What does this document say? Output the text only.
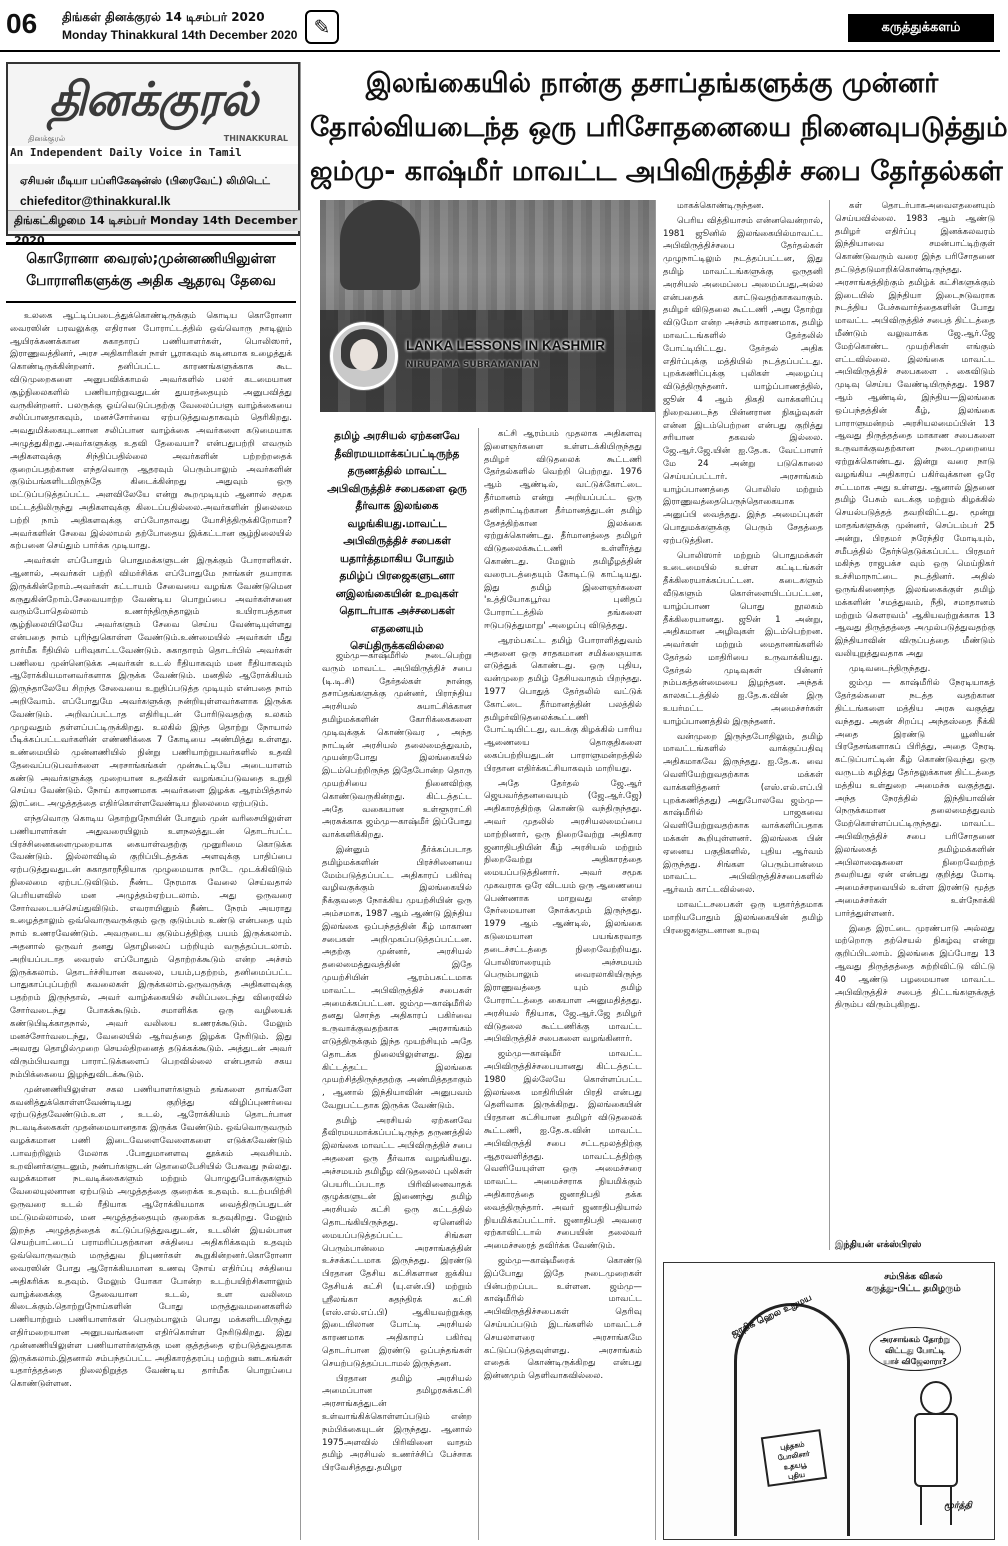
06 திங்கள் தினக்குரல் 14 டிசம்பர் 2020
Monday Thinakkural 14th December 2020 ✎	கருத்துக்களம்
தினக்குரல்
தினக்குரல்	THINAKKURAL
An Independent Daily Voice in Tamil
ஏசியன் மீடியா பப்ளிகேஷன்ஸ் (பிரைவேட்) லிமிடெட்
chiefeditor@thinakkural.lk
திங்கட்கிழமை 14 டிசம்பர் Monday 14th December 2020
கொரோனா வைரஸ்;முன்னணியிலுள்ள
போராளிகளுக்கு அதிக ஆதரவு தேவை

உலகை ஆட்டிப்படைத்துக்கொண்டிருக்கும் கொடிய கொரோனா வைரஸின் பரவலுக்கு எதிரான போராட்டத்தில் ஒவ்வொரு நாடிலும் ஆயிரக்கணக்கான சுகாதாரப் பணியாளர்கள், பொலிஸார், இராணுவத்தினர், அரச அதிகாரிகள் நாள் பூராகவும் கடினமாக உழைத்துக் கொண்டிருக்கின்றனர். தனிப்பட்ட காரணங்களுக்காக கூட விடுமுறைகளை அனுபவிக்காமல் அவர்களில் பலர் கடமையான சூழ்நிலைகளில் பணியாற்றுவதுடன் துயரத்தையும் அனுபவித்து வருகின்றனர். பலருக்கு ஓய்வெடுப்பதற்கு வேலைப்பளு வாழ்க்கையை சலிப்பானதாகவும், மனச்சோர்வை ஏற்படுத்துவதாகவும் தெரிகிறது. அவதுமிக்கையுடனான சலிப்பான வாழ்க்கை அவர்களை கடுமையாக அழுத்துகிறது.அவர்களுக்கு உதவி தேவையா? என்பதுபற்றி எவரும் அதிகளவுக்கு சிந்திப்பதில்லை அவர்களின் பற்றற்றதைக் குறைப்பதற்கான எந்தவொரு ஆதரவும் பெரும்பாலும் அவர்களின் குடும்பங்களிடமிருந்தே கிடைக்கின்றது அதுவும் ஒரு மட்டுப்படுத்தப்பட்ட அளவிலேயே என்று கூறமுடியும் ஆனால் சமூக மட்டத்திலிருந்து அதிகளவுக்கு கிடைப்பதில்லை.அவர்களின் நிலைமை பற்றி நாம் அதிகளவுக்கு எப்போதாவது யோசித்திருக்கிறோமா? அவர்களின் சேவை இல்லாமல் தற்போதைய இக்கட்டான சூழ்நிலையில் கற்பனை செய்தும் பார்க்க முடியாது.

அவர்கள் எப்போதும் பொதுமக்களுடன் இருக்கும் போராளிகள். ஆனால், அவர்கள் பற்றி விமர்சிக்க எப்போதுமே நாங்கள் தயாராக இருக்கின்றோம்.அவர்கள் கட்டாயம் சேவையை வழங்க வேண்டுமென கருதுகின்றோம்.சேவையாற்ற வேண்டிய பொறுப்பை அவர்கள்சனை வரும்போதெல்லாம் உணர்ந்திருந்தாலும் உயிராபத்தான சூழ்நிலையிலேயே அவர்களும் சேவை செய்ய வேண்டியுள்ளது என்பதை நாம் புரிந்துகொள்ள வேண்டும்.உண்மையில் அவர்கள் மீது தார்மீக ரீதியில் பரிவுகாட்டவேண்டும். சுகாதாரம் தொடர்பில் அவர்கள் பணியை முன்னெடுக்க அவர்கள் உடல் ரீதியாகவும் மன ரீதியாகவும் ஆரோக்கியமானவர்களாக இருக்க வேண்டும். மனதில் ஆரோக்கியம் இருந்தாலேயே சிறந்த சேவையை உறுதிப்படுத்த முடியும் என்பதை நாம் அறிவோம். எப்போதுமே அவர்களுக்கு நன்றியுள்ளவர்களாக இருக்க வேண்டும். அறிவப்பட்டாத எதிரியுடன் போரிடுவதற்கு உலகம் முழுவதும் தள்ளப்பட்டிருக்கிறது. உலகில் இந்த தொற்று நோயால் பீடிக்கப்பட்டவர்களின் எண்ணிக்கை 7 கோடியை அண்மித்து உள்ளது. உண்மையில் முன்னணியில் நின்று பணியாற்றுபவர்களில் உதவி தேவைப்படுபவர்களை அரசாங்கங்கள் முன்கூட்டியே அடையாளம் கண்டு அவர்களுக்கு முறையான உதவிகள் வழங்கப்படுவதை உறுதி செய்ய வேண்டும். நோய் காரணமாக அவர்களை இழக்க ஆரம்பித்தால் இரட்டை அழுத்தத்தை எதிர்கொள்ளவேண்டிய நிலைமை ஏற்படும்.

எந்தவொரு கொடிய தொற்றுநோயின் போதும் முன் வரிசையிலுள்ள பணியாளர்கள் அதுவரையிலும் உளநலத்துடன் தொடர்பட்ட பிரச்சினைகளைமுறையாக கையாள்வதற்கு முனுரிமை கொடுக்க வேண்டும். இல்லாவிடில் குறிப்பிடத்தக்க அளவுக்கு பாதிப்பை ஏற்படுத்துவதுடன் சுகாதாரநீதியாக முழுமையாக நாடே முடக்கிவிடும் நிலைமை ஏற்பட்டுவிடும். நீண்ட நேரமாக வேலை செய்வதால் பெரியளவில் மன அழுத்தம்ஏற்படலாம். அது ஒருவரை சோர்வடையச்செய்துவிடும். எவராயினும் நீண்ட நேரம் அயராது உழைத்தாலும் ஒவ்வொருவருக்கும் ஒரு குடும்பம் உண்டு என்பதை யும் நாம் உணரவேண்டும். அவருடைய குடும்பத்திற்கு பயம் இருக்கலாம். அதனால் ஒருவர் தனது தொழிலைப் பற்றியும் வருத்தப்படலாம். அறியப்படாத வைரஸ் எப்போதும் தொற்றக்கூடும் என்ற அச்சம் இருக்கலாம். தொடர்ச்சியான கவலை, பயம்,பதற்றம், தனிமைப்பட்ட பாதுகாப்புப்பற்றி கவலைகள் இருக்கலாம்.ஒருவருக்கு அதிகளவுக்கு பதற்றம் இருந்தால், அவர் வாழ்க்கையில் சலிப்படைந்து விரைவில் சோர்வடைந்து போகக்கூடும். சமாளிக்க ஒரு வழியைக் கண்டுபிடிக்காதநால், அவர் வலியை உணரக்கூடும். மேலும் மனச்சோர்வடைந்து, வேலையில் ஆர்வத்தை இழக்க நேரிடும். இது அவரது தொழில்முறை செயல்திறனைத் தடுக்கக்கூடும். அத்துடன் அவர் விரும்பியவாறு பாராட்டுக்களைப் பெறவில்லை என்பதால் சகய நம்பிக்கையை இழந்துவிடக்கூடும்.

முன்னணியிலுள்ள சகல பணியாளர்களும் தங்களை தாங்களே கவனித்துக்கொள்ளவேண்டியது குறித்து விழிப்புணர்வை ஏற்படுத்தவேண்டும்.உள , உடல், ஆரோக்கியம் தொடர்பான நடவடிக்கைகள் முதன்மையானதாக இருக்க வேண்டும். ஒவ்வொருவரும் வழக்கமான பணி இடைவேளைவேளைகளை எடுக்கவேண்டும் .பாவற்றிலும் மேலாக .போதுமானளவு தூக்கம் அவசியம். உறவினர்களுடனும், நண்பர்களுடன் தொலைபேசியில் பேசுவது நல்லது. வழக்கமான நடவடிக்கைகளும் மற்றும் பொழுதுபோக்குகளும் வேலையுலனான ஏற்படும் அழுத்தத்தை குறைக்க உதவும். உடற்பயிற்சி ஒருவரை உடல் ரீதியாக ஆரோக்கியமாக வைத்திருப்பதுடன் மட்டுமல்லாமல், மன அழுத்தத்தையும் குறைக்க உதவுகிறது. மேலும் இறந்த அழுத்தத்தைக் கட்டுப்படுத்துவதுடன், உடலின் இயல்பான செயற்பாட்டைப் பராமரிப்பதற்கான சக்தியை அதிகரிக்கவும் உதவும் ஒவ்வொருவரும் மருத்துவ நிபுணர்கள் கூறுகின்றனர்.கொரோனா வைரஸின் போது ஆரோக்கியமான உணவு நோய் எதிர்ப்பு சக்தியை அதிகரிக்க உதவும். மேலும் யோகா போன்ற உடற்பயிற்சிகளாலும் வாழ்க்கைக்கு தேவையான உடல், உள வலிமை கிடைக்கும்.தொற்றுநோய்களின் போது மருத்துவமனைகளில் பணியாற்றும் பணியாளர்கள் பெரும்பாலும் பொது மக்களிடமிருந்து எதிர்மறையான அனுபவங்களை எதிர்கொள்ள நேரிடுகிறது. இது முன்னணியிலுள்ள பணியாளர்களுக்கு மன குத்தத்தை ஏற்படுத்துவதாக இருக்கலாம்.இதனால் சம்பந்தப்பட்ட அதிகாரத்தரப்பு மற்றும் ஊடகங்கள் யதார்த்தத்தை நிலைநிறுத்த வேண்டிய தார்மீக பொறுப்பை கொண்டுள்ளன.

இலங்கையில் நான்கு தசாப்தங்களுக்கு முன்னர்
தோல்வியடைந்த ஒரு பரிசோதனையை நினைவுபடுத்தும்
ஜம்மு- காஷ்மீர் மாவட்ட அபிவிருத்திச் சபை தேர்தல்கள்
LANKA LESSONS IN KASHMIR
NIRUPAMA SUBRAMANIAN
தமிழ் அரசியல் ஏற்கனவே தீவிரமயமாக்கப்பட்டிருந்த தருணத்தில் மாவட்ட அபிவிருத்திச் சபைகளை ஒரு தீர்வாக இலங்கை வழங்கியது.மாவட்ட அபிவிருத்திச் சபைகள் யதார்த்தமாகிய போதும் தமிழ்ப் பிரஜைகளுடனா னஇலங்கையின் உறவுகள் தொடர்பாக அச்சபைகள் எதனையும் செய்திருக்கவில்லை

ஜம்மு—காஷ்மீரில் நடைபெற்று வரும் மாவட்ட அபிவிருத்திச் சபை (டி.டி.சி) தேர்தல்கள் நான்கு தசாப்தங்களுக்கு முன்னர், பிராந்திய அரசியல் சுயாட்சிக்கான தமிழ்மக்களின் கோரிக்கைகளை முடிவுக்குக் கொண்டுவர , அந்த நாட்டின் அரசியல் தலைமைத்துவம், முயன்றபோது இலங்கையில் இடம்பெற்றிருந்த இதேபோன்ற தொரு முயற்சியை நினைவிற்கு கொண்டுவருகின்றது. கிட்டத்தட்ட அதே வகையான உள்ளூராட்சி அரசுக்காக ஜம்மு—காஷ்மீர் இப்போது வாக்களிக்கிறது.

இன்னும் தீர்க்கப்படாத தமிழ்மக்களின் பிரச்சினையை மேம்படுத்தப்பட்ட அதிகாரப் பகிர்வு வழிவகுக்கும் இலங்கையில் நீக்குவதை நோக்கிய முயற்சியின் ஒரு அம்சமாக, 1987 ஆம் ஆண்டு இந்திய இலங்கை ஒப்பந்தத்தின் கீழ் மாகாண சபைகள் அறிமுகப்படுத்தப்பட்டன. அதற்கு முன்னர், அரசியல் தலைமைத்துவத்தின் இதே முயற்சியின் ஆரம்பகட்டமாக மாவட்ட அபிவிருத்திச் சபைகள் அமைக்கப்பட்டன. ஜம்மு—காஷ்மீரில் தனது சொந்த அதிகாரப் பகிர்வை உருவாக்குவதற்காக அரசாங்கம் எடுத்திருக்கும் இந்த முயற்சியும் அதே தொடக்க நிலையிலுள்ளது. இது கிட்டத்தட்ட இலங்கை முயற்சித்திருந்ததற்கு அண்மித்ததாகும் , ஆனால் இந்தியாவின் அனுபவம் வேறுபட்டதாக இருக்க வேண்டும்.

தமிழ் அரசியல் ஏற்கனவே தீவிரமயமாக்கப்பட்டிருந்த தருணத்தில் இலங்கை மாவட்ட அபிவிருத்திச் சபை அதனை ஒரு தீர்வாக வழங்கியது. அச்சமயம் தமிழீழ விடுதலைப் புலிகள் பெயரிடப்படாத பிரிவினைவாதக் குழுக்களுடன் இணைந்து தமிழ் அரசியல் கட்சி ஒரு கட்டத்தில் தொடங்கியிருந்தது. ஏனெனில் மையப்படுத்தப்பட்ட சிங்கள பெரும்பான்மை அரசாங்கத்தின் உச்சக்கட்டமாக இருந்தது. இரண்டு பிரதான தேசிய கட்சிகளான ஐக்கிய தேசியக் கட்சி (யு.என்.பி) மற்றும் ஸ்ரீலங்கா சுதந்திரக் கட்சி (எஸ்.எல்.எப்.பி) ஆகியவற்றுக்கு இடையிலான போட்டி அரசியல் காரணமாக அதிகாரப் பகிர்வு தொடர்பான இரண்டு ஒப்பந்தங்கள் செயற்படுத்தப்படாமல் இருந்தன.

பிரதான தமிழ் அரசியல் அமைப்பான தமிழரசுக்கட்சி அரசாங்கத்துடன் உள்வாங்கிக்கொள்ளப்படும் என்ற நம்பிக்கையுடன் இருந்தது. ஆனால் 1975அளவில் பிரிவினை வாதம் தமிழ் அரசியல் உணர்ச்சிப் பேச்சாக பிரவேசித்தது.தமிழர

கட்சி ஆரம்பம் முதலாக அதிகளவு இளைஞர்களை உள்ளடக்கியிருந்தது தமிழர் விடுதலைக் கூட்டணி தேர்தல்களில் வெற்றி பெற்றது. 1976 ஆம் ஆண்டில், வட்டுக்கோட்டை தீர்மானம் என்று அறியப்பட்ட ஒரு தனிநாட்டிற்கான தீர்மானத்துடன் தமிழ் தேசத்திற்கான இலக்கை ஏற்றுக்கொண்டது. தீர்மானத்தை தமிழர் விடுதலைக்கூட்டணி உள்ளீர்த்து கொண்டது. மேலும் தமிழீழத்தின் வரைபடத்தையும் கோடிட்டு காட்டியது. இது தமிழ் இளைஞர்களை 'உத்தியோகபூர்வ புனிதப் போராட்டத்தில் தங்களை ஈடுபடுத்துமாறு' அழைப்பு விடுத்தது.

ஆரம்பகட்ட தமிழ் போராளித்துவம் அதனை ஒரு சாதகமான சமிக்ஞையாக எடுத்துக் கொண்டது. ஒரு புதிய, வன்முறை தமிழ் தேசியவாதம் பிறந்தது. 1977 பொதுத் தேர்தலில் வட்டுக் கோட்டை தீர்மானத்தின் பலத்தில் தமிழர்விடுதலைக்கூட்டணி போட்டியிட்டது, வடக்கு கிழக்கில் பாரிய ஆணையை தொகுதிகளை கைப்பற்றியதுடன் பாராளுமன்றத்தில் பிரதான எதிர்க்கட்சியாகவும் மாறியது.

அதே தேர்தல் ஜே.ஆர் ஜெயவர்த்தனவையும் (ஜே.ஆர்.ஜே) அதிகாரத்திற்கு கொண்டு வந்திருந்தது. அவர் முதலில் அரசியலமைப்பை மாற்றினார், ஒரு நிறைவேற்று அதிகார ஜனாதிபதியின் கீழ் அரசியல் மற்றும் நிறைவேற்று அதிகாரத்தை மையப்படுத்தினார். அவர் சமூக முகவராக ஒரே விடயம் ஒரு ஆணையை பெண்ணாக மாறுவது என்ற நேர்மையான நோக்கமும் இருந்தது. 1979 ஆம் ஆண்டில், இலங்கை கடுமையான பயங்கரவாத தடைச்சட்டத்தை நிறைவேற்றியது. பொலிஸாரையும் அச்சமயம் பெரும்பாலும் வைரலாகியிருந்த இராணுவத்தை யும் தமிழ் போராட்டத்தை கையாள அனுமதித்தது. அரசியல் ரீதியாக, ஜே.ஆர்.ஜே தமிழர் விடுதலை கூட்டணிக்கு மாவட்ட அபிவிருத்திச் சபைகளை வழங்கினார்.

ஜம்மு—காஷ்மீர் மாவட்ட அபிவிருத்திச்சபையானது கிட்டத்தட்ட 1980 இல்லேயே கொள்ளப்பட்ட இலங்கை மாதிரியின் பிரதி என்பது தெளிவாக இருக்கிறது. இலங்கையின் பிரதான கட்சியான தமிழர் விடுதலைக் கூட்டணி, ஐ.தே.க.வின் மாவட்ட அபிவிருத்தி சபை சட்டமூலத்திற்கு ஆதரவளித்தது. மாவட்டத்திற்கு வெளியேயுள்ள ஒரு அமைச்சரை மாவட்ட அமைச்சராக நியமிக்கும் அதிகாரத்தை ஜனாதிபதி தக்க வைத்திருந்தார். அவர் ஜனாதிபதியால் நியமிக்கப்பட்டார். ஜனாதிபதி அவரை ஏற்காவிட்டால் சபையின் தலைவர் அமைச்சரைத் தவிர்க்க வேண்டும்.

ஜம்மு—காஷ்மீரைக் கொண்டு இப்போது இதே நடைமுறைகள் பின்பற்றப்பட உள்ளன. ஜம்மு—காஷ்மீரில் மாவட்ட அபிவிருத்திச்சபைகள் தெரிவு செய்யப்படும் இடங்களில் மாவட்டச் செயலாளரை அரசாங்கமே கட்டுப்படுத்தவுள்ளது. அரசாங்கம் எதைக் கொண்டிருக்கிறது என்பது இன்னமும் தெளிவாகவில்லை.

மாகக்கொண்டிருந்தன.

பெரிய வித்தியாசம் என்னவென்றால், 1981 ஜூனில் இலங்கையில்மாவட்ட அபிவிருத்திச்சபை தேர்தல்கள் முழுநாட்டிலும் நடத்தப்பட்டன, இது தமிழ் மாவட்டங்களுக்கு ஒருதனி அரசியல் அமைப்பை அமைப்பது,அல்ல என்பதைக் காட்டுவதற்காகவாகும். தமிழர் விடுதலை கூட்டணி ,அது தோற்று விடுமோ என்ற அச்சம் காரணமாக, தமிழ் மாவட்டங்களில் தேர்தலில் போட்டியிட்டது. தேர்தல் அதிக எதிர்ப்புக்கு மத்தியில் நடத்தப்பட்டது. புறக்கணிப்புக்கு புலிகள் அழைப்பு விடுத்திருந்தனர். யாழ்ப்பாணத்தில், ஜூன் 4 ஆம் திகதி வாக்களிப்பு நிறைவடைந்த பின்னரான நிகழ்வுகள் என்ன இடம்பெற்றன என்பது குறித்து சரியான தகவல் இல்லை. ஜே.ஆர்.ஜே.யின் ஐ.தே.க. வேட்பாளர் மே 24 அன்று படுகொலை செய்யப்பட்டார். அரசாங்கம் யாழ்ப்பாணத்தை பொலிஸ் மற்றும் இராணுவத்தைபெருந்தொகையாக அனுப்பி வைத்தது. இந்த அமைப்புகள் பொதுமக்களுக்கு பெரும் சேதத்தை ஏற்படுத்தின.

பொலிஸார் மற்றும் பொதுமக்கள் உடைமையில் உள்ள கட்டிடங்கள் தீக்கிரையாக்கப்பட்டன. கடைகளும் வீடுகளும் கொள்ளையிடப்பட்டன, யாழ்ப்பாண பொது நூலகம் தீக்கிரையானது. ஜூன் 1 அன்று, அதிகமான அழிவுகள் இடம்பெற்றன. அவர்கள் மற்றும் மைதானங்களில் தேர்தல் மாதிரியை உருவாக்கியது. தேர்தல் முடிவுகள் பின்னர் நம்பகத்தன்மையை இழந்தன. அந்தக் காலகட்டத்தில் ஐ.தே.க.வின் இரு உயர்மட்ட அமைச்சர்கள் யாழ்ப்பாணத்தில் இருந்தனர்.

வன்முறை இருந்தபோதிலும், தமிழ் மாவட்டங்களில் வாக்குப்பதிவு அதிகமாகவே இருந்தது. ஐ.தே.க. வை வெளியேற்றுவதற்காக மக்கள் வாக்களித்தனர் (எஸ்.எல்.எப்.பி புறக்கணித்தது) அதுபோலவே ஜம்மு—காஷ்மீரில் பாஜகவை வெளியேற்றுவதற்காக வாக்களிப்பதாக மக்கள் கூறியுள்ளனர். இலங்கை பின் ஏனைய பகுதிகளில், புதிய ஆர்வம் இருந்தது. சிங்கள பெரும்பான்மை மாவட்ட அபிவிருத்திச்சபைகளில் ஆர்வம் காட்டவில்லை.

மாவட்டசபைகள் ஒரு யதார்த்தமாக மாறியபோதும் இலங்கையின் தமிழ் பிரஜைகளுடனான உறவு

கள் தொடர்பாகஅவைஎதனையும் செய்யவில்லை. 1983 ஆம் ஆண்டு தமிழர் எதிர்ப்பு இனக்கலவரம் இந்தியாவை சமன்பாட்டிற்குள் கொண்டுவரும் வரை இந்த பரிசோதனை தட்டுத்தடுமாறிக்கொண்டிருந்தது. அரசாங்கத்திற்கும் தமிழ்க் கட்சிகளுக்கும் இடையில் இந்தியா இடைநடுவராக நடத்திய பேச்சுவார்த்தைகளின் போது மாவட்ட அபிவிருத்திச் சபைத் திட்டத்தை மீண்டும் வலுவாக்க ஜே.ஆர்.ஜே மேற்கொண்ட முயற்சிகள் எங்கும் எட்டவில்லை. இலங்கை மாவட்ட அபிவிருத்திச் சபைகளை . கைவிடும் முடிவு செய்ய வேண்டியிருந்தது. 1987 ஆம் ஆண்டில், இந்திய—இலங்கை ஒப்பந்தத்தின் கீழ், இலங்கை பாராளுமன்றம் அரசியலமைப்பின் 13 ஆவது திருத்தத்தை மாகாண சபைகளை உருவாக்குவதற்கான நடைமுறையை ஏற்றுக்கொண்டது. இன்று வரை நாடு வழங்கிய அதிகாரப் பகிர்வுக்கான ஒரே சட்டமாக அது உள்ளது. ஆனால் இதனை தமிழ் பேசும் வடக்கு மற்றும் கிழக்கில் செயல்படுத்தத் தவறிவிட்டது. மூன்று மாதங்களுக்கு முன்னர், செப்டம்பர் 25 அன்று, பிரதமர் நரேந்திர மோடியும், சமீபத்தில் தேர்ந்தெடுக்கப்பட்ட பிரதமர் மகிந்த ராஜபக்ச வும் ஒரு மெய்நிகர் உச்சிமாநாட்டை நடத்தினர். அதில் ஒருங்கிணைந்த இலங்கைக்குள் தமிழ் மக்களின் 'சமத்துவம், நீதி, சமாதானம் மற்றும் கெளரவம்' ஆகியவற்றுக்காக 13 ஆவது திருத்தத்தை அமுல்படுத்துவதற்கு இந்தியாவின் விருப்பத்தை மீண்டும் வலியுறுத்துவதாக அது

முடிவடைந்திருந்தது.

ஜம்மு — காஷ்மீரில் நேரடியாகத் தேர்தல்களை நடத்த வதற்கான திட்டங்களை மத்திய அரசு வகுத்து வந்தது. அதன் சிறப்பு அந்தஸ்தை நீக்கி அதை இரண்டு யூனியன் பிரதேசங்களாகப் பிரித்து, அதை நேரடி கட்டுப்பாட்டின் கீழ் கொண்டுவந்து ஒரு வருடம் கழித்து தேர்தலுக்கான திட்டத்தை மத்திய உள்துறை அமைச்சு வகுத்தது. அந்த நேரத்தில் இந்தியாவின் நெருக்கமான தலைமைத்துவம் மேற்கொள்ளப்பட்டிருந்தது. மாவட்ட அபிவிருத்திச் சபை பரிசோதனை இலங்கைத் தமிழ்மக்களின் அபிலாஷைகளை நிறைவேற்றத் தவறியது ஏன் என்பது குறித்து மோடி அமைச்சரவையில் உள்ள இரண்டு மூத்த அமைச்சர்கள் உள்நோக்கி பார்த்துள்ளனர்.

இதை இரட்டை முரண்பாடு அல்லது மற்றொரு தற்செயல் நிகழ்வு என்று குறிப்பிடலாம். இலங்கை இப்போது 13 ஆவது திருத்தத்தை சுற்றிவிட்டு விட்டு 40 ஆண்டு பழமையான மாவட்ட அபிவிருத்திச் சபைத் திட்டங்களுக்குத் திரும்ப விரும்புகிறது.

இந்தியன் எக்ஸ்பிரஸ்
சம்பிக்க விகல்
கருத்து-பிட்ட தமிழரும்
ஜாதிக ஹெல உறுமய
அரசாங்கம் தோற்று
விட்டது போட்டி
யாச் விஜேலாரா?
புத்தகம்
போலிசார்
உதயபூ
புதிய
மூர்த்தி
